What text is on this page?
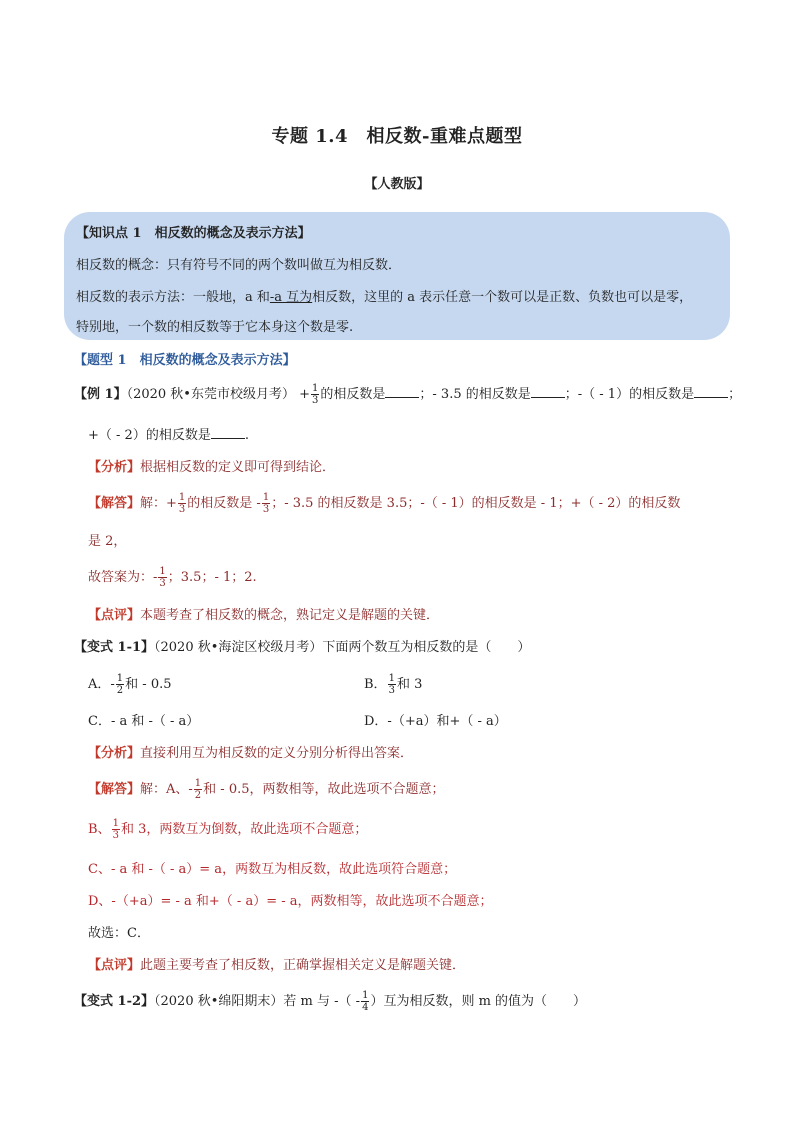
专题 1.4　相反数-重难点题型
【人教版】
【知识点 1　相反数的概念及表示方法】
相反数的概念：只有符号不同的两个数叫做互为相反数．
相反数的表示方法：一般地，a 和-a 互为相反数，这里的 a 表示任意一个数可以是正数、负数也可以是零，
特别地，一个数的相反数等于它本身这个数是零.
【题型 1　相反数的概念及表示方法】
【例 1】（2020 秋•东莞市校级月考） + $\frac{1}{3}$ 的相反数是	；- 3.5 的相反数是	；-（ - 1）的相反数是	；
+（ - 2）的相反数是	.
【分析】根据相反数的定义即可得到结论．
【解答】解：+ $\frac{1}{3}$ 的相反数是 - $\frac{1}{3}$ ；- 3.5 的相反数是 3.5；-（ - 1）的相反数是 - 1；+（ - 2）的相反数
是 2，
故答案为：- $\frac{1}{3}$ ；3.5；- 1；2.
【点评】本题考查了相反数的概念，熟记定义是解题的关键．
【变式 1-1】（2020 秋•海淀区校级月考）下面两个数互为相反数的是（　　）
A．- $\frac{1}{2}$ 和 - 0.5	B． $\frac{1}{3}$ 和 3
C．- a 和 -（ - a）	D．-（+a）和+（ - a）
【分析】直接利用互为相反数的定义分别分析得出答案．
【解答】解：A、- $\frac{1}{2}$ 和 - 0.5，两数相等，故此选项不合题意；
B、 $\frac{1}{3}$ 和 3，两数互为倒数，故此选项不合题意；
C、- a 和 -（ - a）= a，两数互为相反数，故此选项符合题意；
D、-（+a）= - a 和+（ - a）= - a，两数相等，故此选项不合题意；
故选：C．
【点评】此题主要考查了相反数，正确掌握相关定义是解题关键．
【变式 1-2】（2020 秋•绵阳期末）若 m 与 -（ - $\frac{1}{4}$ ）互为相反数，则 m 的值为（　　）
